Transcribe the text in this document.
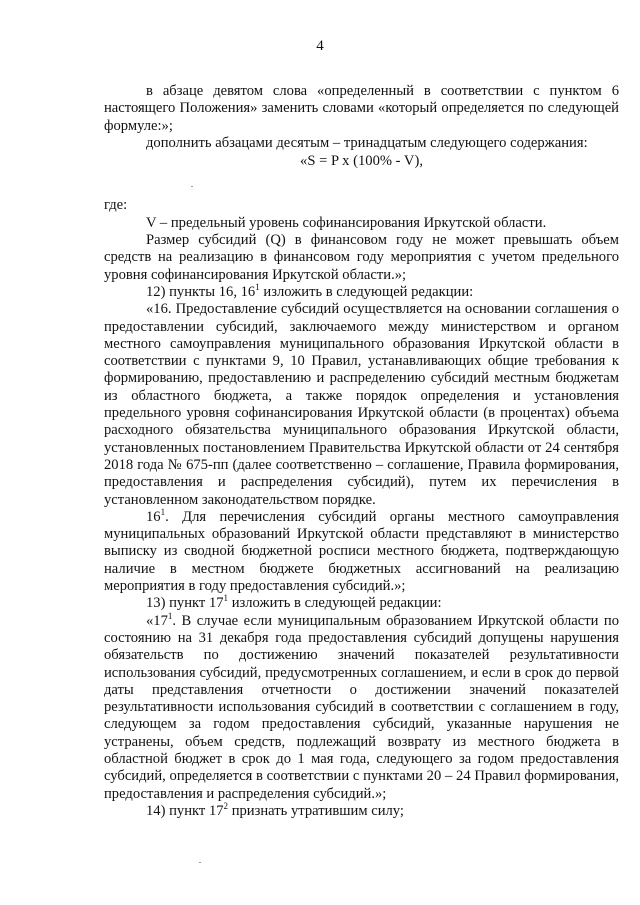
4

в абзаце девятом слова «определенный в соответствии с пунктом 6 настоящего Положения» заменить словами «который определяется по следующей формуле:»;

дополнить абзацами десятым – тринадцатым следующего содержания:

«S = P x (100% - V),

где:

V – предельный уровень софинансирования Иркутской области.

Размер субсидий (Q) в финансовом году не может превышать объем средств на реализацию в финансовом году мероприятия с учетом предельного уровня софинансирования Иркутской области.»;

12) пункты 16, $16^1$ изложить в следующей редакции:

«16. Предоставление субсидий осуществляется на основании соглашения о предоставлении субсидий, заключаемого между министерством и органом местного самоуправления муниципального образования Иркутской области в соответствии с пунктами 9, 10 Правил, устанавливающих общие требования к формированию, предоставлению и распределению субсидий местным бюджетам из областного бюджета, а также порядок определения и установления предельного уровня софинансирования Иркутской области (в процентах) объема расходного обязательства муниципального образования Иркутской области, установленных постановлением Правительства Иркутской области от 24 сентября 2018 года № 675-пп (далее соответственно – соглашение, Правила формирования, предоставления и распределения субсидий), путем их перечисления в установленном законодательством порядке.

$16^1$. Для перечисления субсидий органы местного самоуправления муниципальных образований Иркутской области представляют в министерство выписку из сводной бюджетной росписи местного бюджета, подтверждающую наличие в местном бюджете бюджетных ассигнований на реализацию мероприятия в году предоставления субсидий.»;

13) пункт $17^1$ изложить в следующей редакции:

«$17^1$. В случае если муниципальным образованием Иркутской области по состоянию на 31 декабря года предоставления субсидий допущены нарушения обязательств по достижению значений показателей результативности использования субсидий, предусмотренных соглашением, и если в срок до первой даты представления отчетности о достижении значений показателей результативности использования субсидий в соответствии с соглашением в году, следующем за годом предоставления субсидий, указанные нарушения не устранены, объем средств, подлежащий возврату из местного бюджета в областной бюджет в срок до 1 мая года, следующего за годом предоставления субсидий, определяется в соответствии с пунктами 20 – 24 Правил формирования, предоставления и распределения субсидий.»;

14) пункт $17^2$ признать утратившим силу;
